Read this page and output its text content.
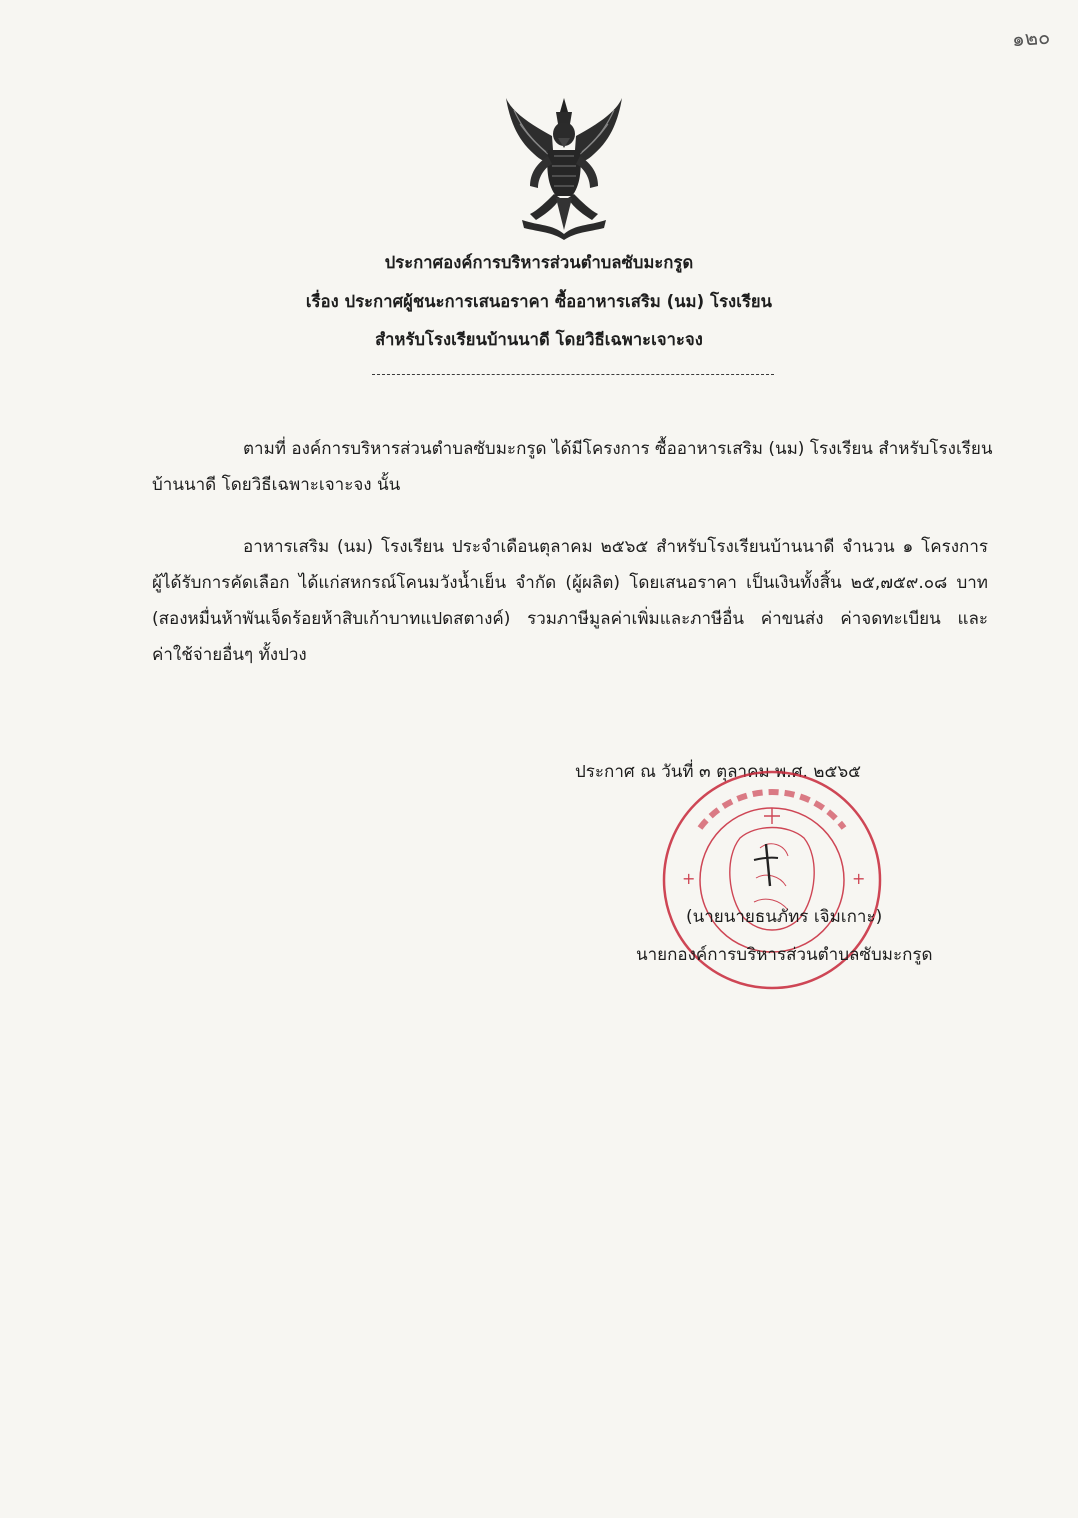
๑๒๐
ประกาศองค์การบริหารส่วนตำบลซับมะกรูด
เรื่อง ประกาศผู้ชนะการเสนอราคา ซื้ออาหารเสริม (นม) โรงเรียน
สำหรับโรงเรียนบ้านนาดี โดยวิธีเฉพาะเจาะจง
ตามที่ องค์การบริหารส่วนตำบลซับมะกรูด ได้มีโครงการ ซื้ออาหารเสริม (นม) โรงเรียน สำหรับโรงเรียน
บ้านนาดี โดยวิธีเฉพาะเจาะจง นั้น
อาหารเสริม (นม) โรงเรียน ประจำเดือนตุลาคม ๒๕๖๕ สำหรับโรงเรียนบ้านนาดี จำนวน ๑ โครงการ
ผู้ได้รับการคัดเลือก ได้แก่สหกรณ์โคนมวังน้ำเย็น จำกัด (ผู้ผลิต) โดยเสนอราคา เป็นเงินทั้งสิ้น ๒๕,๗๕๙.๐๘ บาท
(สองหมื่นห้าพันเจ็ดร้อยห้าสิบเก้าบาทแปดสตางค์) รวมภาษีมูลค่าเพิ่มและภาษีอื่น ค่าขนส่ง ค่าจดทะเบียน และ
ค่าใช้จ่ายอื่นๆ ทั้งปวง
ประกาศ ณ วันที่ ๓ ตุลาคม พ.ศ. ๒๕๖๕
+	+
(นายนายธนภัทร เจิมเกาะ)
นายกองค์การบริหารส่วนตำบลซับมะกรูด
